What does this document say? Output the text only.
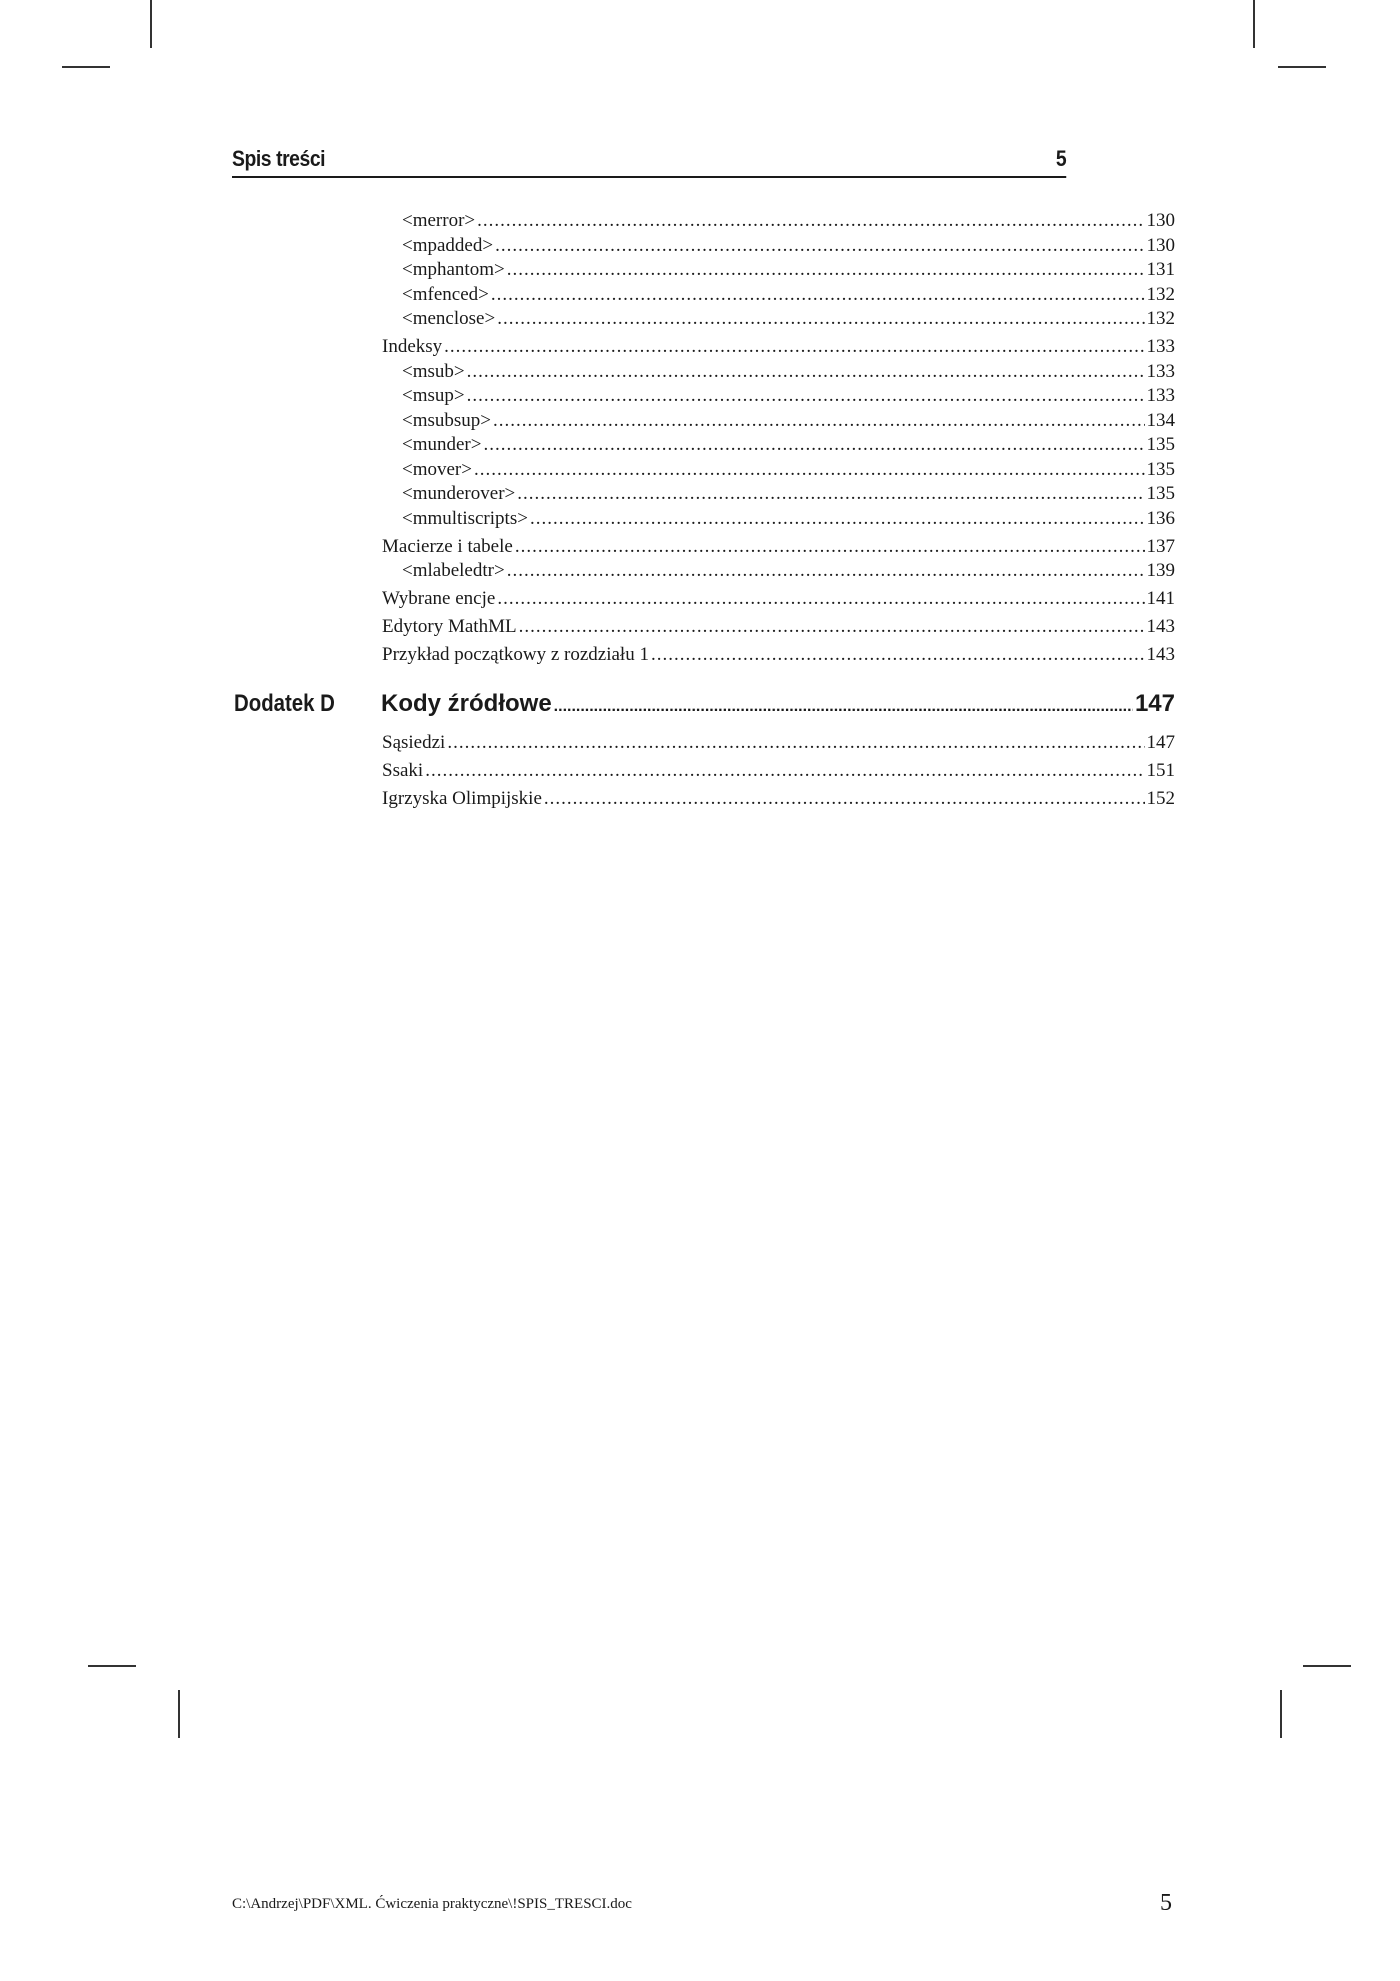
Spis treści	5
<merror> .....	130
<mpadded> .....	130
<mphantom> .....	131
<mfenced> .....	132
<menclose> .....	132
Indeksy .....	133
<msub> .....	133
<msup> .....	133
<msubsup> .....	134
<munder> .....	135
<mover> .....	135
<munderover> .....	135
<mmultiscripts> .....	136
Macierze i tabele .....	137
<mlabeledtr> .....	139
Wybrane encje .....	141
Edytory MathML .....	143
Przykład początkowy z rozdziału 1 .....	143
Dodatek D Kody źródłowe .....	147
Sąsiedzi .....	147
Ssaki .....	151
Igrzyska Olimpijskie .....	152
C:\Andrzej\PDF\XML. Ćwiczenia praktyczne\!SPIS_TRESCI.doc	5
